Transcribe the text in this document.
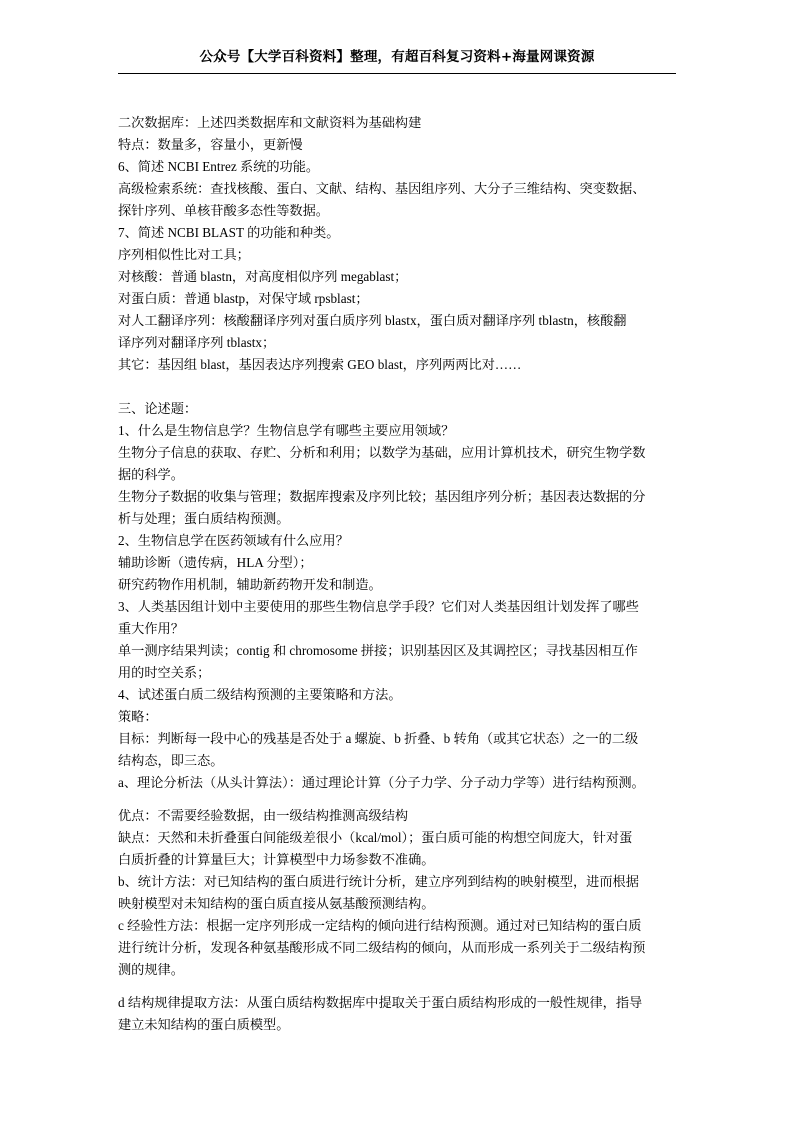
公众号【大学百科资料】整理，有超百科复习资料+海量网课资源
二次数据库：上述四类数据库和文献资料为基础构建
特点：数量多，容量小，更新慢
6、简述 NCBI Entrez 系统的功能。
高级检索系统：查找核酸、蛋白、文献、结构、基因组序列、大分子三维结构、突变数据、
探针序列、单核苷酸多态性等数据。
7、简述 NCBI BLAST 的功能和种类。
序列相似性比对工具；
对核酸：普通 blastn，对高度相似序列 megablast；
对蛋白质：普通 blastp，对保守域 rpsblast；
对人工翻译序列：核酸翻译序列对蛋白质序列 blastx，蛋白质对翻译序列 tblastn，核酸翻
译序列对翻译序列 tblastx；
其它：基因组 blast，基因表达序列搜索 GEO blast，序列两两比对……
三、论述题：
1、什么是生物信息学？生物信息学有哪些主要应用领域？
生物分子信息的获取、存贮、分析和利用；以数学为基础，应用计算机技术，研究生物学数
据的科学。
生物分子数据的收集与管理；数据库搜索及序列比较；基因组序列分析；基因表达数据的分
析与处理；蛋白质结构预测。
2、生物信息学在医药领域有什么应用？
辅助诊断（遗传病，HLA 分型）；
研究药物作用机制，辅助新药物开发和制造。
3、人类基因组计划中主要使用的那些生物信息学手段？它们对人类基因组计划发挥了哪些
重大作用？
单一测序结果判读；contig 和 chromosome 拼接；识别基因区及其调控区；寻找基因相互作
用的时空关系；
4、试述蛋白质二级结构预测的主要策略和方法。
策略：
目标：判断每一段中心的残基是否处于 a 螺旋、b 折叠、b 转角（或其它状态）之一的二级
结构态，即三态。
a、理论分析法（从头计算法）：通过理论计算（分子力学、分子动力学等）进行结构预测。
优点：不需要经验数据，由一级结构推测高级结构
缺点：天然和未折叠蛋白间能级差很小（kcal/mol）；蛋白质可能的构想空间庞大，针对蛋
白质折叠的计算量巨大；计算模型中力场参数不准确。
b、统计方法：对已知结构的蛋白质进行统计分析，建立序列到结构的映射模型，进而根据
映射模型对未知结构的蛋白质直接从氨基酸预测结构。
c 经验性方法：根据一定序列形成一定结构的倾向进行结构预测。通过对已知结构的蛋白质
进行统计分析，发现各种氨基酸形成不同二级结构的倾向，从而形成一系列关于二级结构预
测的规律。
d 结构规律提取方法：从蛋白质结构数据库中提取关于蛋白质结构形成的一般性规律，指导
建立未知结构的蛋白质模型。
